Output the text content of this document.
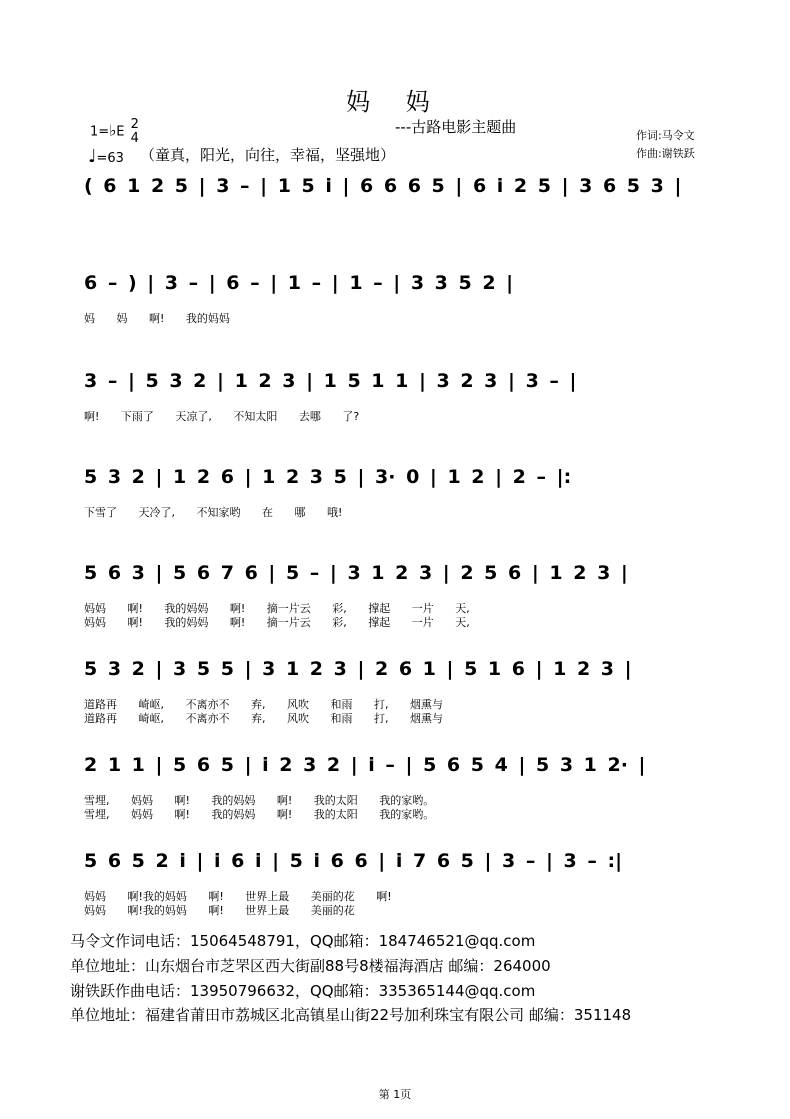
妈 妈
---古路电影主题曲
1=♭E 2
4
♩=63 （童真，阳光，向往，幸福，坚强地）
作词:马令文
作曲:谢铁跃
( 6 1 2 5 | 3 – | 1 5 i | 6 6 6 5 | 6 i 2 5 | 3 6 5 3 |
6 – ) | 3 – | 6 – | 1 – | 1 – | 3 3 5 2 |
妈 妈 啊! 我的妈妈
3 – | 5 3 2 | 1 2 3 | 1 5 1 1 | 3 2 3 | 3 – |
啊! 下雨了 天凉了, 不知太阳 去哪 了?
5 3 2 | 1 2 6 | 1 2 3 5 | 3· 0 | 1 2 | 2 – |:
下雪了 天冷了, 不知家哟 在 哪 哦!
5 6 3 | 5 6 7 6 | 5 – | 3 1 2 3 | 2 5 6 | 1 2 3 |
妈妈 啊! 我的妈妈 啊! 摘一片云 彩, 撑起 一片 天,
妈妈 啊! 我的妈妈 啊! 摘一片云 彩, 撑起 一片 天,
5 3 2 | 3 5 5 | 3 1 2 3 | 2 6 1 | 5 1 6 | 1 2 3 |
道路再 崎岖, 不离亦不 弃, 风吹 和雨 打, 烟熏与
道路再 崎岖, 不离亦不 弃, 风吹 和雨 打, 烟熏与
2 1 1 | 5 6 5 | i 2 3 2 | i – | 5 6 5 4 | 5 3 1 2· |
雪埋, 妈妈 啊! 我的妈妈 啊! 我的太阳 我的家哟。
雪埋, 妈妈 啊! 我的妈妈 啊! 我的太阳 我的家哟。
5 6 5 2 i | i 6 i | 5 i 6 6 | i 7 6 5 | 3 – | 3 – :|
妈妈 啊!我的妈妈 啊! 世界上最 美丽的花 啊!
妈妈 啊!我的妈妈 啊! 世界上最 美丽的花
马令文作词电话：15064548791，QQ邮箱：184746521@qq.com
单位地址：山东烟台市芝罘区西大街副88号8楼福海酒店 邮编：264000
谢铁跃作曲电话：13950796632，QQ邮箱：335365144@qq.com
单位地址：福建省莆田市荔城区北高镇星山街22号加利珠宝有限公司 邮编：351148
第 1页
